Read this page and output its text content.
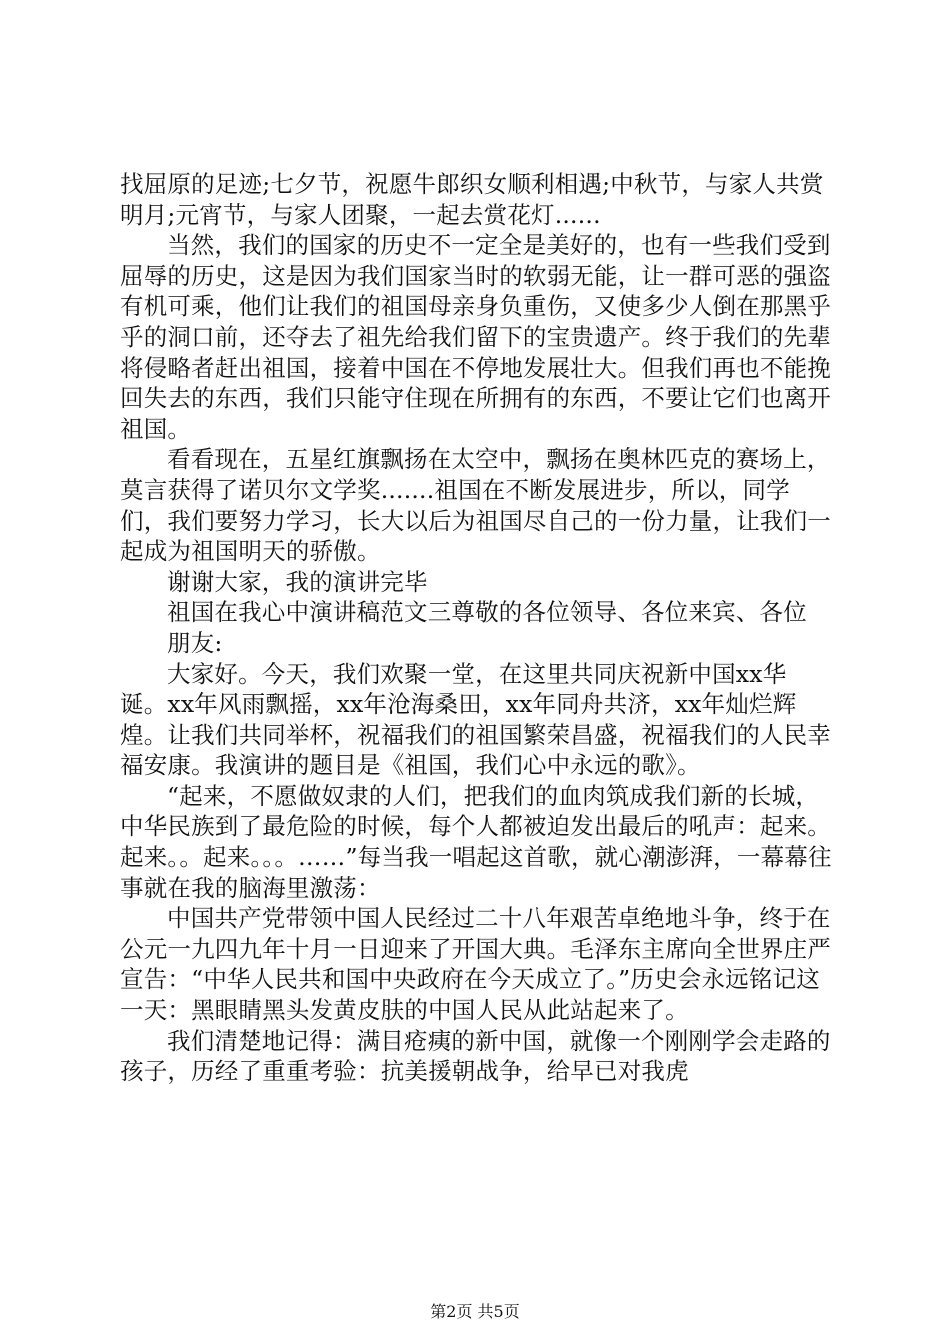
找屈原的足迹;七夕节，祝愿牛郎织女顺利相遇;中秋节，与家人共赏明月;元宵节，与家人团聚，一起去赏花灯......

当然，我们的国家的历史不一定全是美好的，也有一些我们受到屈辱的历史，这是因为我们国家当时的软弱无能，让一群可恶的强盗有机可乘，他们让我们的祖国母亲身负重伤，又使多少人倒在那黑乎乎的洞口前，还夺去了祖先给我们留下的宝贵遗产。终于我们的先辈将侵略者赶出祖国，接着中国在不停地发展壮大。但我们再也不能挽回失去的东西，我们只能守住现在所拥有的东西，不要让它们也离开祖国。

看看现在，五星红旗飘扬在太空中，飘扬在奥林匹克的赛场上，莫言获得了诺贝尔文学奖.......祖国在不断发展进步，所以，同学们，我们要努力学习，长大以后为祖国尽自己的一份力量，让我们一起成为祖国明天的骄傲。

谢谢大家，我的演讲完毕

祖国在我心中演讲稿范文三尊敬的各位领导、各位来宾、各位

朋友:

大家好。今天，我们欢聚一堂，在这里共同庆祝新中国xx华诞。xx年风雨飘摇，xx年沧海桑田，xx年同舟共济，xx年灿烂辉煌。让我们共同举杯，祝福我们的祖国繁荣昌盛，祝福我们的人民幸福安康。我演讲的题目是《祖国，我们心中永远的歌》。

“起来，不愿做奴隶的人们，把我们的血肉筑成我们新的长城，中华民族到了最危险的时候，每个人都被迫发出最后的吼声：起来。起来。。起来。。。……”每当我一唱起这首歌，就心潮澎湃，一幕幕往事就在我的脑海里激荡：

中国共产党带领中国人民经过二十八年艰苦卓绝地斗争，终于在公元一九四九年十月一日迎来了开国大典。毛泽东主席向全世界庄严宣告：“中华人民共和国中央政府在今天成立了。”历史会永远铭记这一天：黑眼睛黑头发黄皮肤的中国人民从此站起来了。

我们清楚地记得：满目疮痍的新中国，就像一个刚刚学会走路的孩子，历经了重重考验：抗美援朝战争，给早已对我虎

第2页 共5页
